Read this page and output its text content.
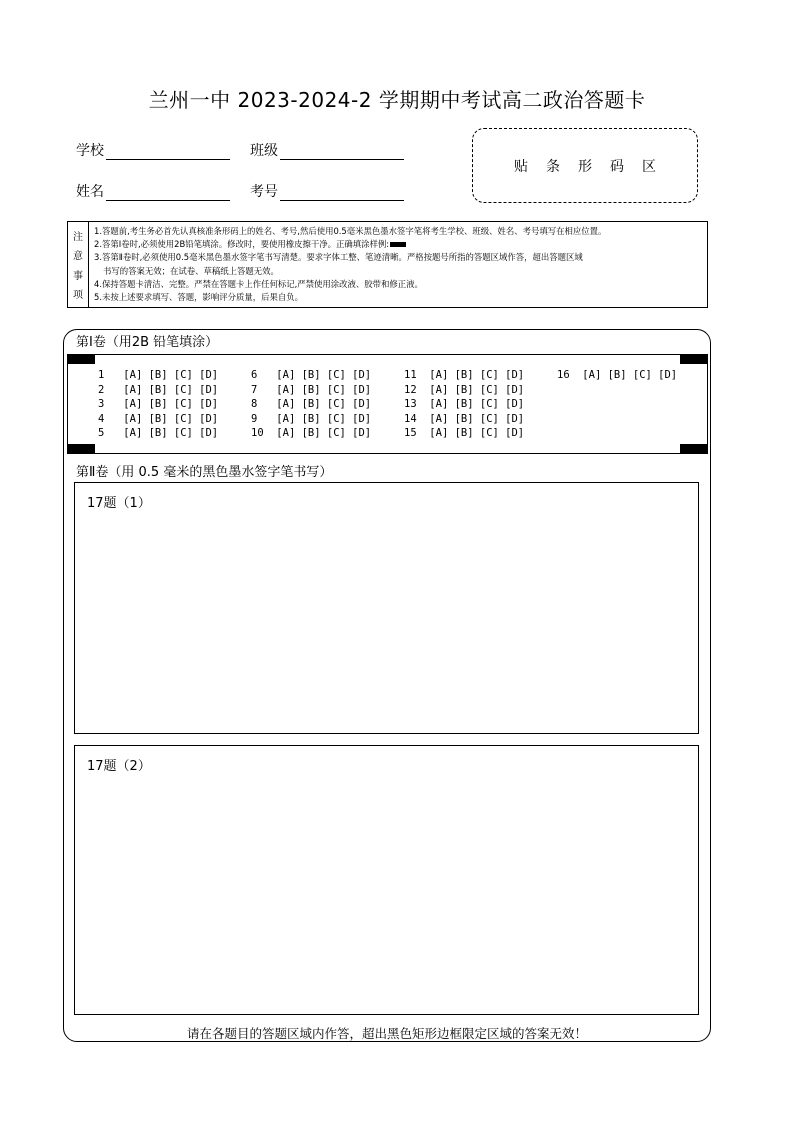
兰州一中 2023-2024-2 学期期中考试高二政治答题卡
学校	班级
姓名	考号
贴条形码区
注
意
事
项
1.答题前,考生务必首先认真核准条形码上的姓名、考号,然后使用0.5毫米黑色墨水签字笔将考生学校、班级、姓名、考号填写在相应位置。
2.答第Ⅰ卷时,必须使用2B铅笔填涂。修改时，要使用橡皮擦干净。正确填涂样例:
3.答第Ⅱ卷时,必须使用0.5毫米黑色墨水签字笔书写清楚。要求字体工整、笔迹清晰。严格按题号所指的答题区域作答，超出答题区域
书写的答案无效；在试卷、草稿纸上答题无效。
4.保持答题卡清洁、完整。严禁在答题卡上作任何标记,严禁使用涂改液、胶带和修正液。
5.未按上述要求填写、答题，影响评分质量，后果自负。
第Ⅰ卷（用2B 铅笔填涂）
1   [A] [B] [C] [D]
2   [A] [B] [C] [D]
3   [A] [B] [C] [D]
4   [A] [B] [C] [D]
5   [A] [B] [C] [D]
6   [A] [B] [C] [D]
7   [A] [B] [C] [D]
8   [A] [B] [C] [D]
9   [A] [B] [C] [D]
10  [A] [B] [C] [D]
11  [A] [B] [C] [D]
12  [A] [B] [C] [D]
13  [A] [B] [C] [D]
14  [A] [B] [C] [D]
15  [A] [B] [C] [D]
16  [A] [B] [C] [D]
第Ⅱ卷（用 0.5 毫米的黑色墨水签字笔书写）
17题（1）
17题（2）
请在各题目的答题区域内作答，超出黑色矩形边框限定区域的答案无效！
